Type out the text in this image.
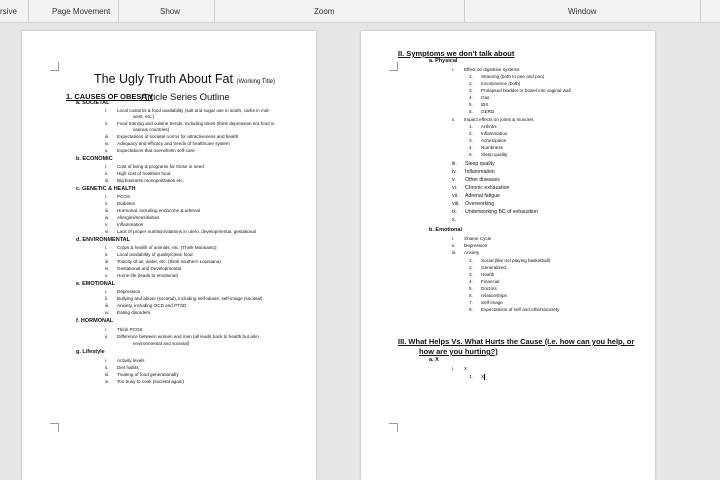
rsive	Page Movement	Show	Zoom	Window
The Ugly Truth About Fat (Working Title)
Article Series Outline
1. CAUSES OF OBESITY
a. SOCIETAL
i. Local customs & food availability (salt and sugar use in south, carbs in mid-
west, etc.)
ii. Food training and cuisine trends, including times (think depression era food in
various countries)
iii. Expectations of societal norms for attractiveness and health
iv. Adequacy and efficacy and trends of healthcare system
v. Expectations that overwhelm self-care
b. ECONOMIC
i. Cost of living & programs for those in need
ii. High cost of healthier food
iii. Big business monopolization etc.
c. GENETIC & HEALTH
i. PCOS
ii. Diabetes
iii. Hormonal, including endocrine & adrenal
iv. Allergies/sensitivities
v. Inflammation
vi. Lack of proper nutrition/vitamins in utero, developmental, gestational
d. ENVIRONMENTAL
i. Crops & health of animals, etc. (Think Monsanto)
ii. Local availability of quality/clean food
iii. Toxicity of air, water, etc. (think southern Louisiana)
iv. Gestational and Developmental
v. Home life (leads to emotional)
e. EMOTIONAL
i. Depression
ii. Bullying and abuse (societal), including self-abuse, self-image (societal)
iii. Anxiety, including OCD and PTSD
iv. Eating disorders
f. HORMONAL
i. Think PCOS
ii. Difference between women and men (all leads back to health but also
environmental and societal)
g. Lifestyle
i. Activity levels
ii. Diet habits
iii. Training of food generationally
iv. Too busy to cook (societal again)
II. Symptoms we don't talk about
a. Physical
i. Effect on digestive systems
1. Straining (both to pee and poo)
2. Incontinence (both)
3. Prolapsed bladder or bowel into vaginal wall
4. Gas
5. IBS
6. GERD
ii. Impact effects on joints & muscles
1. Arthritis
2. Inflammation
3. Aches/pains
4. Numbness
5. Sleep quality
iii. Sleep quality
iv. Inflammation
v. Other diseases
vi. Chronic exhaustion
vii. Adrenal fatigue
viii. Overworking
ix. Underworking BC of exhaustion
x.
b. Emotional
i. Shame Cycle
ii. Depression
iii. Anxiety
1. Social (like not playing basketball)
2. Generalized
3. Health
4. Financial
5. Doctors
6. relationships
7. Self-image
8. Expectations of self and others/society
III. What Helps Vs. What Hurts the Cause (I.e. how can you help, or
how are you hurting?)
a. X
i. X
1. X
